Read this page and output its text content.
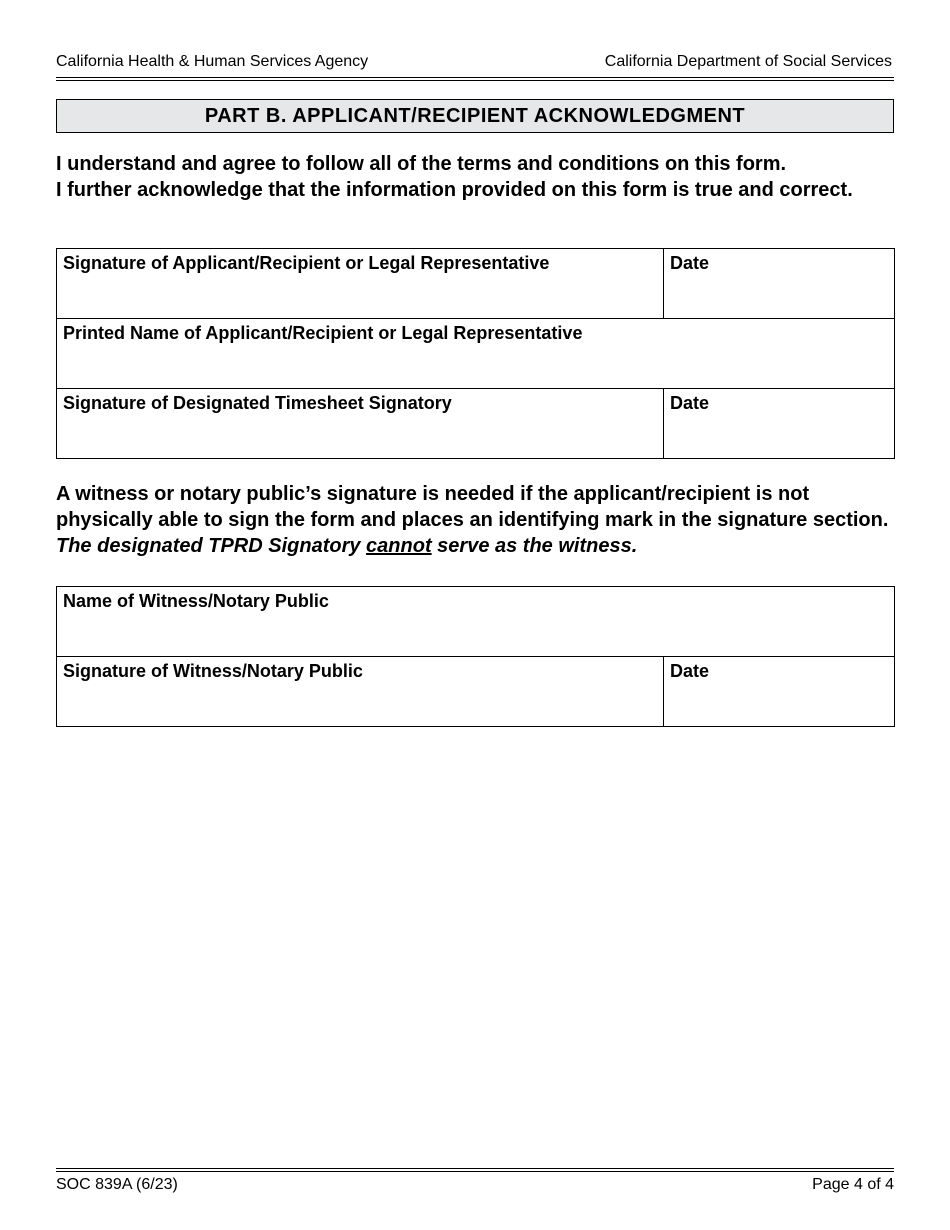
California Health & Human Services Agency	California Department of Social Services
PART B. APPLICANT/RECIPIENT ACKNOWLEDGMENT
I understand and agree to follow all of the terms and conditions on this form.
I further acknowledge that the information provided on this form is true and correct.
Signature of Applicant/Recipient or Legal Representative	Date
Printed Name of Applicant/Recipient or Legal Representative	
Signature of Designated Timesheet Signatory	Date
A witness or notary public’s signature is needed if the applicant/recipient is not physically able to sign the form and places an identifying mark in the signature section. The designated TPRD Signatory cannot serve as the witness.
Name of Witness/Notary Public
Signature of Witness/Notary Public	Date
SOC 839A (6/23)	Page 4 of 4
